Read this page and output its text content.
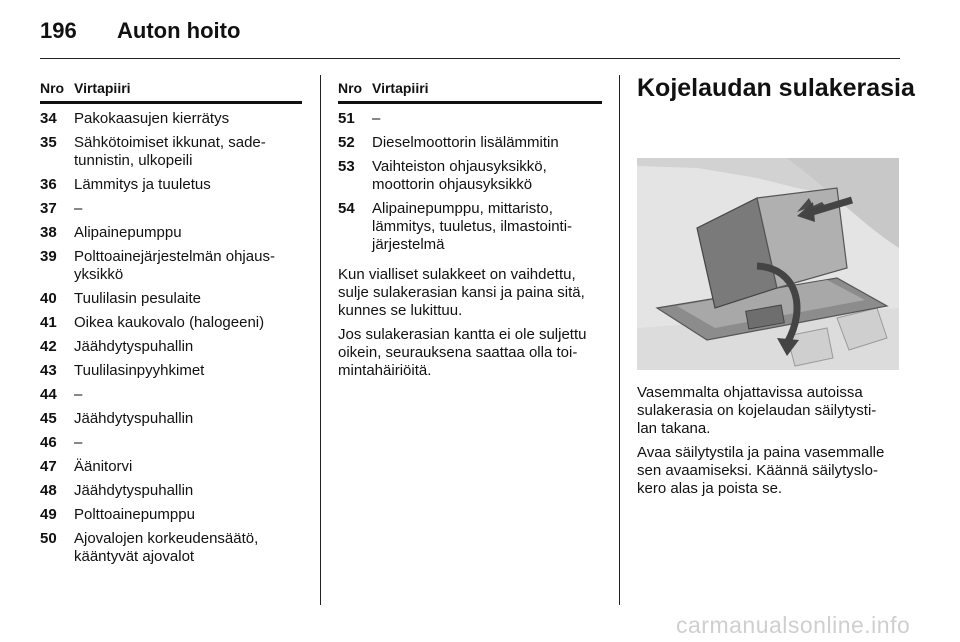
196 Auton hoito
Nro Virtapiiri
34	Pakokaasujen kierrätys
35	Sähkötoimiset ikkunat, sade-
tunnistin, ulkopeili
36	Lämmitys ja tuuletus
37	–
38	Alipainepumppu
39	Polttoainejärjestelmän ohjaus-
yksikkö
40	Tuulilasin pesulaite
41	Oikea kaukovalo (halogeeni)
42	Jäähdytyspuhallin
43	Tuulilasinpyyhkimet
44	–
45	Jäähdytyspuhallin
46	–
47	Äänitorvi
48	Jäähdytyspuhallin
49	Polttoainepumppu
50	Ajovalojen korkeudensäätö,
kääntyvät ajovalot
Nro Virtapiiri
51	–
52	Dieselmoottorin lisälämmitin
53	Vaihteiston ohjausyksikkö,
moottorin ohjausyksikkö
54	Alipainepumppu, mittaristo,
lämmitys, tuuletus, ilmastointi-
järjestelmä

Kun vialliset sulakkeet on vaihdettu,
sulje sulakerasian kansi ja paina sitä,
kunnes se lukittuu.

Jos sulakerasian kantta ei ole suljettu
oikein, seurauksena saattaa olla toi-
mintahäiriöitä.

Kojelaudan sulakerasia

Vasemmalta ohjattavissa autoissa
sulakerasia on kojelaudan säilytysti-
lan takana.

Avaa säilytystila ja paina vasemmalle
sen avaamiseksi. Käännä säilytyslo-
kero alas ja poista se.

carmanualsonline.info
